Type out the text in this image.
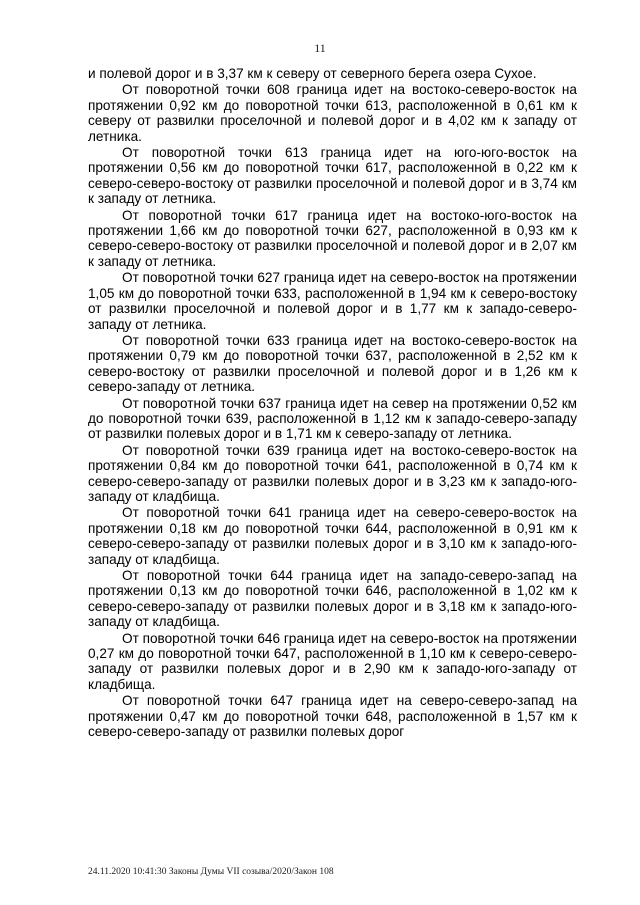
11

и полевой дорог и в 3,37 км к северу от северного берега озера Сухое.

От поворотной точки 608 граница идет на востоко-северо-восток на протяжении 0,92 км до поворотной точки 613, расположенной в 0,61 км к северу от развилки проселочной и полевой дорог и в 4,02 км к западу от летника.

От поворотной точки 613 граница идет на юго-юго-восток на протяжении 0,56 км до поворотной точки 617, расположенной в 0,22 км к северо-северо-востоку от развилки проселочной и полевой дорог и в 3,74 км к западу от летника.

От поворотной точки 617 граница идет на востоко-юго-восток на протяжении 1,66 км до поворотной точки 627, расположенной в 0,93 км к северо-северо-востоку от развилки проселочной и полевой дорог и в 2,07 км к западу от летника.

От поворотной точки 627 граница идет на северо-восток на протяжении 1,05 км до поворотной точки 633, расположенной в 1,94 км к северо-востоку от развилки проселочной и полевой дорог и в 1,77 км к западо-северо-западу от летника.

От поворотной точки 633 граница идет на востоко-северо-восток на протяжении 0,79 км до поворотной точки 637, расположенной в 2,52 км к северо-востоку от развилки проселочной и полевой дорог и в 1,26 км к северо-западу от летника.

От поворотной точки 637 граница идет на север на протяжении 0,52 км до поворотной точки 639, расположенной в 1,12 км к западо-северо-западу от развилки полевых дорог и в 1,71 км к северо-западу от летника.

От поворотной точки 639 граница идет на востоко-северо-восток на протяжении 0,84 км до поворотной точки 641, расположенной в 0,74 км к северо-северо-западу от развилки полевых дорог и в 3,23 км к западо-юго-западу от кладбища.

От поворотной точки 641 граница идет на северо-северо-восток на протяжении 0,18 км до поворотной точки 644, расположенной в 0,91 км к северо-северо-западу от развилки полевых дорог и в 3,10 км к западо-юго-западу от кладбища.

От поворотной точки 644 граница идет на западо-северо-запад на протяжении 0,13 км до поворотной точки 646, расположенной в 1,02 км к северо-северо-западу от развилки полевых дорог и в 3,18 км к западо-юго-западу от кладбища.

От поворотной точки 646 граница идет на северо-восток на протяжении 0,27 км до поворотной точки 647, расположенной в 1,10 км к северо-северо-западу от развилки полевых дорог и в 2,90 км к западо-юго-западу от кладбища.

От поворотной точки 647 граница идет на северо-северо-запад на протяжении 0,47 км до поворотной точки 648, расположенной в 1,57 км к северо-северо-западу от развилки полевых дорог

24.11.2020 10:41:30 Законы Думы VII созыва/2020/Закон 108
